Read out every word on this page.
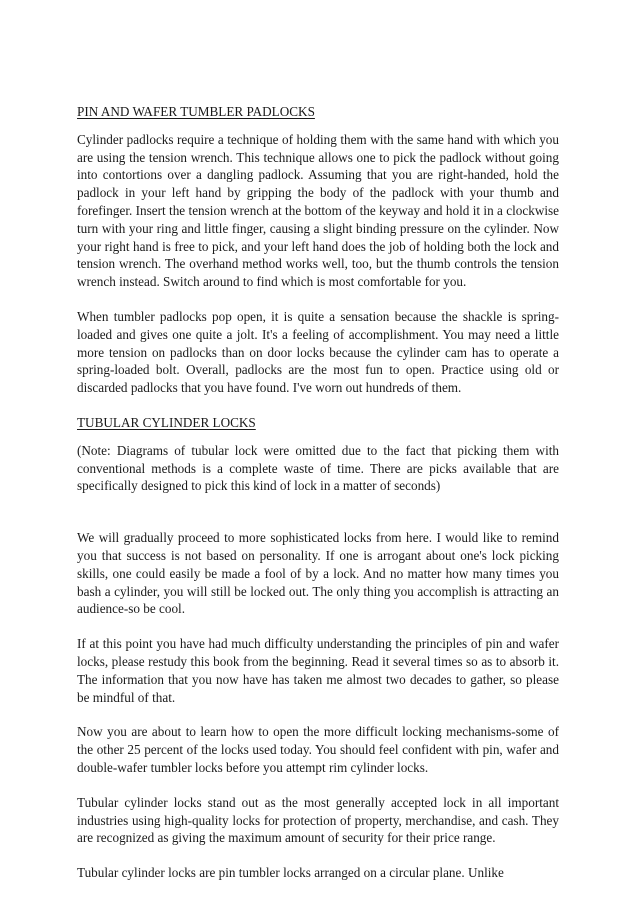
PIN AND WAFER TUMBLER PADLOCKS

Cylinder padlocks require a technique of holding them with the same hand with which you are using the tension wrench. This technique allows one to pick the padlock without going into contortions over a dangling padlock. Assuming that you are right-handed, hold the padlock in your left hand by gripping the body of the padlock with your thumb and forefinger. Insert the tension wrench at the bottom of the keyway and hold it in a clockwise turn with your ring and little finger, causing a slight binding pressure on the cylinder. Now your right hand is free to pick, and your left hand does the job of holding both the lock and tension wrench. The overhand method works well, too, but the thumb controls the tension wrench instead. Switch around to find which is most comfortable for you.

When tumbler padlocks pop open, it is quite a sensation because the shackle is spring-loaded and gives one quite a jolt. It's a feeling of accomplishment. You may need a little more tension on padlocks than on door locks because the cylinder cam has to operate a spring-loaded bolt. Overall, padlocks are the most fun to open. Practice using old or discarded padlocks that you have found. I've worn out hundreds of them.

TUBULAR CYLINDER LOCKS

(Note: Diagrams of tubular lock were omitted due to the fact that picking them with conventional methods is a complete waste of time. There are picks available that are specifically designed to pick this kind of lock in a matter of seconds)

We will gradually proceed to more sophisticated locks from here. I would like to remind you that success is not based on personality. If one is arrogant about one's lock picking skills, one could easily be made a fool of by a lock. And no matter how many times you bash a cylinder, you will still be locked out. The only thing you accomplish is attracting an audience-so be cool.

If at this point you have had much difficulty understanding the principles of pin and wafer locks, please restudy this book from the beginning. Read it several times so as to absorb it. The information that you now have has taken me almost two decades to gather, so please be mindful of that.

Now you are about to learn how to open the more difficult locking mechanisms-some of the other 25 percent of the locks used today. You should feel confident with pin, wafer and double-wafer tumbler locks before you attempt rim cylinder locks.

Tubular cylinder locks stand out as the most generally accepted lock in all important industries using high-quality locks for protection of property, merchandise, and cash. They are recognized as giving the maximum amount of security for their price range.

Tubular cylinder locks are pin tumbler locks arranged on a circular plane. Unlike
